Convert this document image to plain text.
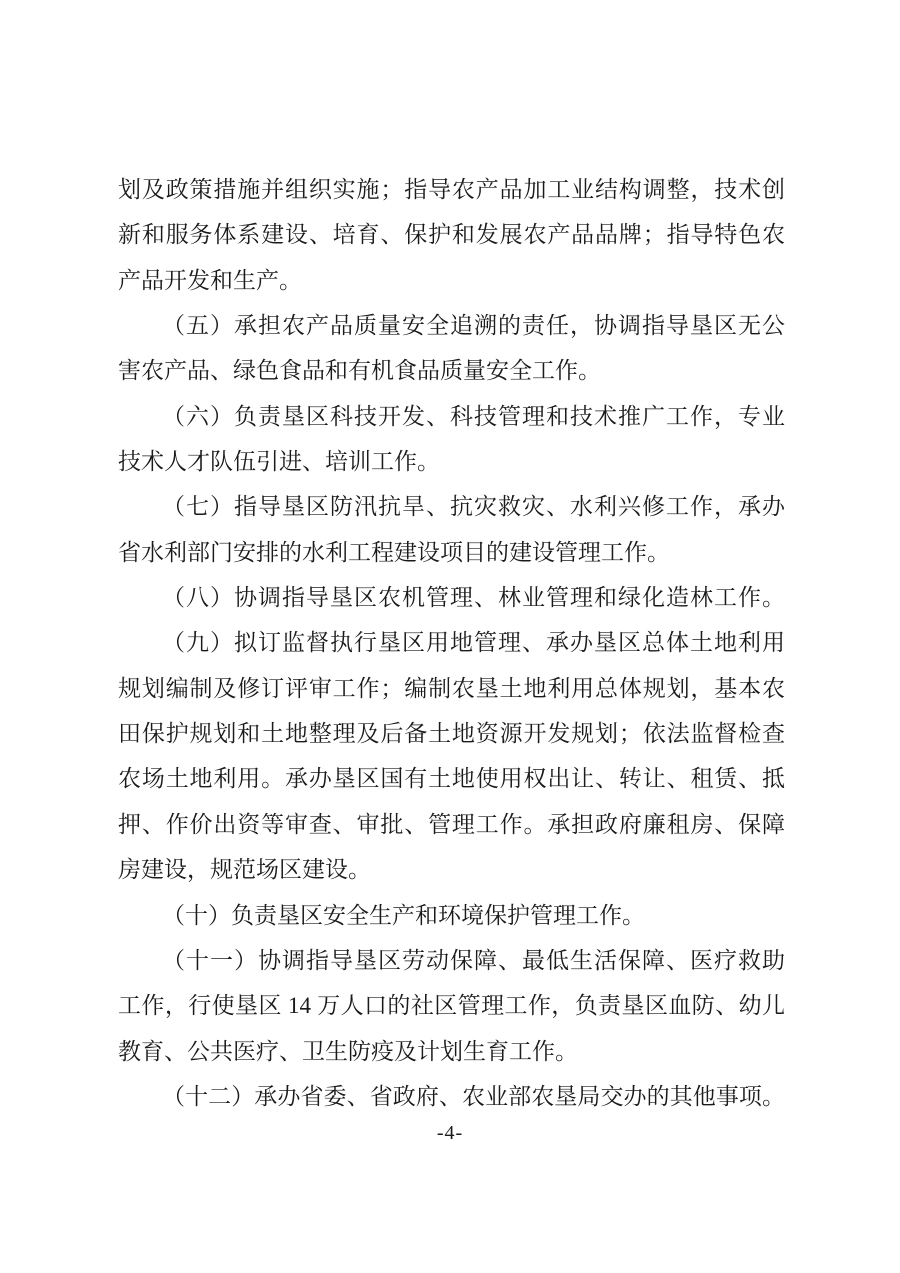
划及政策措施并组织实施；指导农产品加工业结构调整，技术创
新和服务体系建设、培育、保护和发展农产品品牌；指导特色农
产品开发和生产。
（五）承担农产品质量安全追溯的责任，协调指导垦区无公
害农产品、绿色食品和有机食品质量安全工作。
（六）负责垦区科技开发、科技管理和技术推广工作，专业
技术人才队伍引进、培训工作。
（七）指导垦区防汛抗旱、抗灾救灾、水利兴修工作，承办
省水利部门安排的水利工程建设项目的建设管理工作。
（八）协调指导垦区农机管理、林业管理和绿化造林工作。
（九）拟订监督执行垦区用地管理、承办垦区总体土地利用
规划编制及修订评审工作；编制农垦土地利用总体规划，基本农
田保护规划和土地整理及后备土地资源开发规划；依法监督检查
农场土地利用。承办垦区国有土地使用权出让、转让、租赁、抵
押、作价出资等审查、审批、管理工作。承担政府廉租房、保障
房建设，规范场区建设。
（十）负责垦区安全生产和环境保护管理工作。
（十一）协调指导垦区劳动保障、最低生活保障、医疗救助
工作，行使垦区 14 万人口的社区管理工作，负责垦区血防、幼儿
教育、公共医疗、卫生防疫及计划生育工作。
（十二）承办省委、省政府、农业部农垦局交办的其他事项。
-4-
